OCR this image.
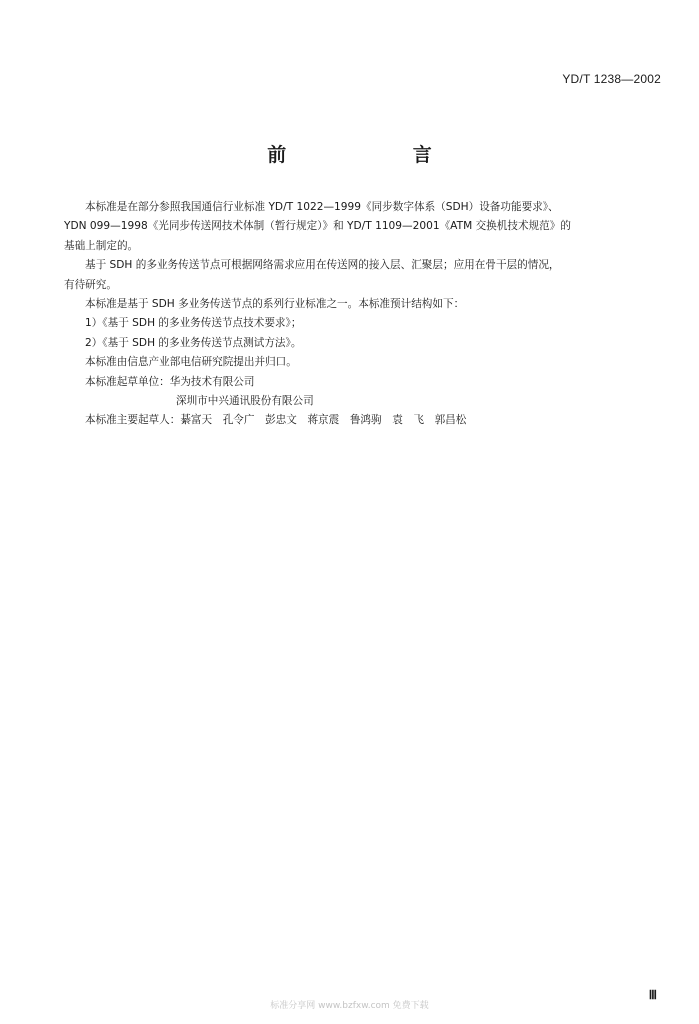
YD/T 1238—2002
前 言
本标准是在部分参照我国通信行业标准 YD/T 1022—1999《同步数字体系（SDH）设备功能要求》、
YDN 099—1998《光同步传送网技术体制（暂行规定）》和 YD/T 1109—2001《ATM 交换机技术规范》的
基础上制定的。
基于 SDH 的多业务传送节点可根据网络需求应用在传送网的接入层、汇聚层；应用在骨干层的情况，
有待研究。
本标准是基于 SDH 多业务传送节点的系列行业标准之一。本标准预计结构如下：
1）《基于 SDH 的多业务传送节点技术要求》；
2）《基于 SDH 的多业务传送节点测试方法》。
本标准由信息产业部电信研究院提出并归口。
本标准起草单位：华为技术有限公司
深圳市中兴通讯股份有限公司
本标准主要起草人：綦富天　孔令广　彭忠文　蒋京震　鲁鸿驹　袁　飞　郭昌松
Ⅲ
标准分享网 www.bzfxw.com 免费下载
